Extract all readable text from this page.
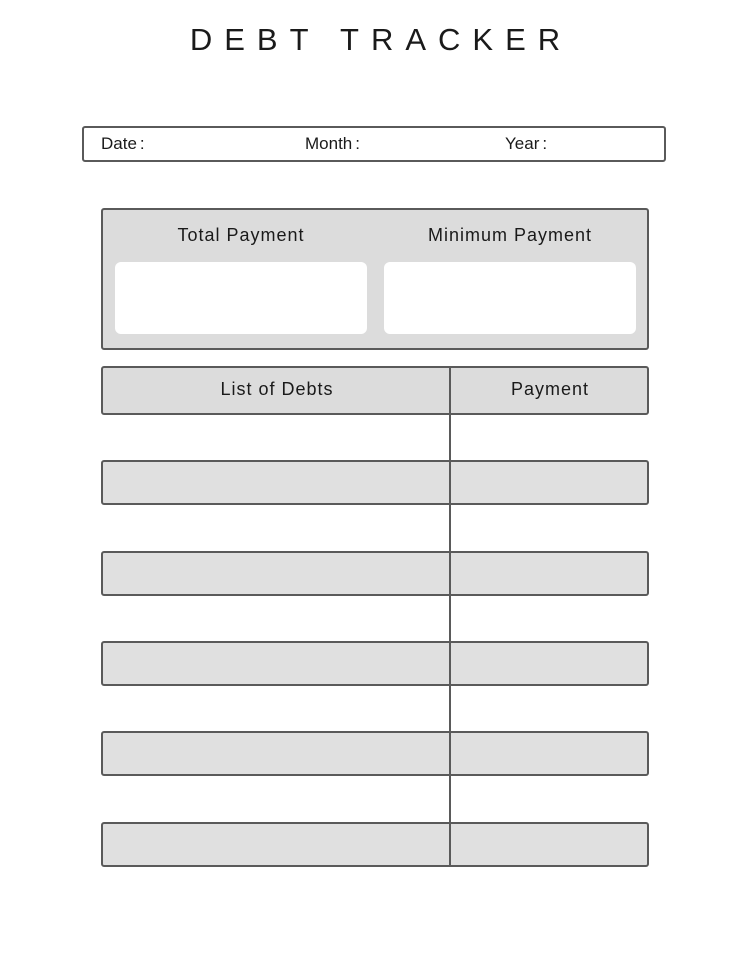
DEBT TRACKER
Date :	Month :	Year :
Total Payment	Minimum Payment
List of Debts	Payment
